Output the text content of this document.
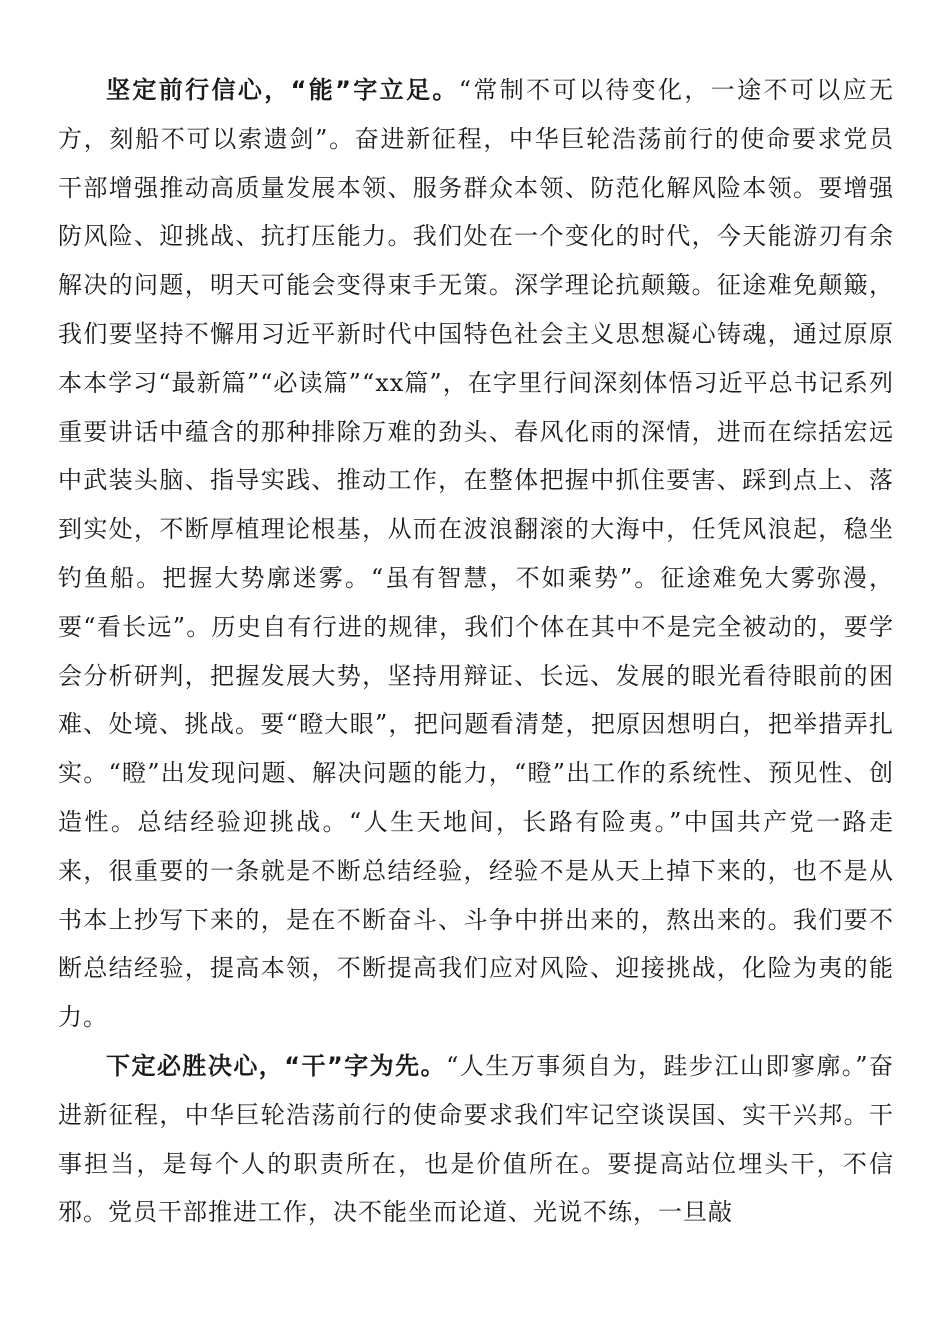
坚定前行信心，“能”字立足。“常制不可以待变化，一途不可以应无方，刻船不可以索遗剑”。奋进新征程，中华巨轮浩荡前行的使命要求党员干部增强推动高质量发展本领、服务群众本领、防范化解风险本领。要增强防风险、迎挑战、抗打压能力。我们处在一个变化的时代，今天能游刃有余解决的问题，明天可能会变得束手无策。深学理论抗颠簸。征途难免颠簸，我们要坚持不懈用习近平新时代中国特色社会主义思想凝心铸魂，通过原原本本学习“最新篇”“必读篇”“xx篇”，在字里行间深刻体悟习近平总书记系列重要讲话中蕴含的那种排除万难的劲头、春风化雨的深情，进而在综括宏远中武装头脑、指导实践、推动工作，在整体把握中抓住要害、踩到点上、落到实处，不断厚植理论根基，从而在波浪翻滚的大海中，任凭风浪起，稳坐钓鱼船。把握大势廓迷雾。“虽有智慧，不如乘势”。征途难免大雾弥漫，要“看长远”。历史自有行进的规律，我们个体在其中不是完全被动的，要学会分析研判，把握发展大势，坚持用辩证、长远、发展的眼光看待眼前的困难、处境、挑战。要“瞪大眼”，把问题看清楚，把原因想明白，把举措弄扎实。“瞪”出发现问题、解决问题的能力，“瞪”出工作的系统性、预见性、创造性。总结经验迎挑战。“人生天地间，长路有险夷。”中国共产党一路走来，很重要的一条就是不断总结经验，经验不是从天上掉下来的，也不是从书本上抄写下来的，是在不断奋斗、斗争中拼出来的，熬出来的。我们要不断总结经验，提高本领，不断提高我们应对风险、迎接挑战，化险为夷的能力。

下定必胜决心，“干”字为先。“人生万事须自为，跬步江山即寥廓。”奋进新征程，中华巨轮浩荡前行的使命要求我们牢记空谈误国、实干兴邦。干事担当，是每个人的职责所在，也是价值所在。要提高站位埋头干，不信邪。党员干部推进工作，决不能坐而论道、光说不练，一旦敲
